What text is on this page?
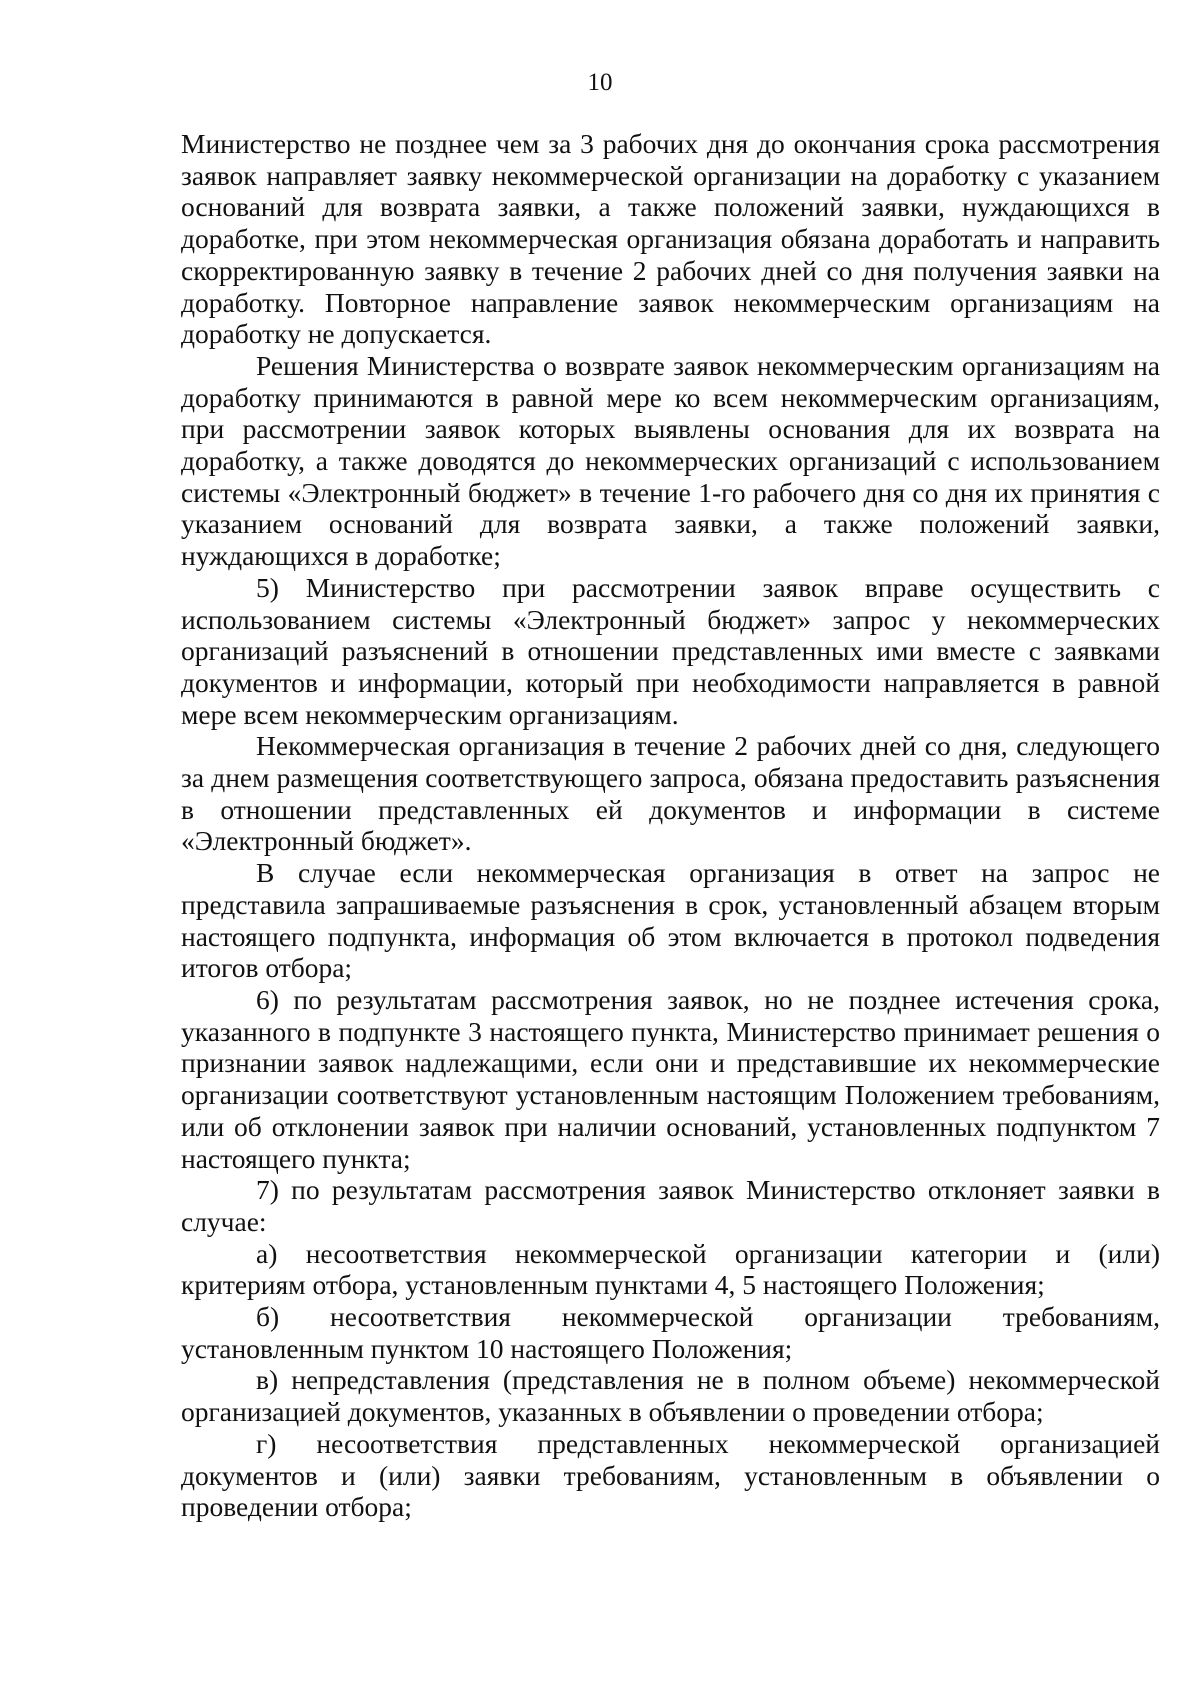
10

Министерство не позднее чем за 3 рабочих дня до окончания срока рассмотрения заявок направляет заявку некоммерческой организации на доработку с указанием оснований для возврата заявки, а также положений заявки, нуждающихся в доработке, при этом некоммерческая организация обязана доработать и направить скорректированную заявку в течение 2 рабочих дней со дня получения заявки на доработку. Повторное направление заявок некоммерческим организациям на доработку не допускается.

Решения Министерства о возврате заявок некоммерческим организациям на доработку принимаются в равной мере ко всем некоммерческим организациям, при рассмотрении заявок которых выявлены основания для их возврата на доработку, а также доводятся до некоммерческих организаций с использованием системы «Электронный бюджет» в течение 1-го рабочего дня со дня их принятия с указанием оснований для возврата заявки, а также положений заявки, нуждающихся в доработке;

5) Министерство при рассмотрении заявок вправе осуществить с использованием системы «Электронный бюджет» запрос у некоммерческих организаций разъяснений в отношении представленных ими вместе с заявками документов и информации, который при необходимости направляется в равной мере всем некоммерческим организациям.

Некоммерческая организация в течение 2 рабочих дней со дня, следующего за днем размещения соответствующего запроса, обязана предоставить разъяснения в отношении представленных ей документов и информации в системе «Электронный бюджет».

В случае если некоммерческая организация в ответ на запрос не представила запрашиваемые разъяснения в срок, установленный абзацем вторым настоящего подпункта, информация об этом включается в протокол подведения итогов отбора;

6) по результатам рассмотрения заявок, но не позднее истечения срока, указанного в подпункте 3 настоящего пункта, Министерство принимает решения о признании заявок надлежащими, если они и представившие их некоммерческие организации соответствуют установленным настоящим Положением требованиям, или об отклонении заявок при наличии оснований, установленных подпунктом 7 настоящего пункта;

7) по результатам рассмотрения заявок Министерство отклоняет заявки в случае:

а) несоответствия некоммерческой организации категории и (или) критериям отбора, установленным пунктами 4, 5 настоящего Положения;

б) несоответствия некоммерческой организации требованиям, установленным пунктом 10 настоящего Положения;

в) непредставления (представления не в полном объеме) некоммерческой организацией документов, указанных в объявлении о проведении отбора;

г) несоответствия представленных некоммерческой организацией документов и (или) заявки требованиям, установленным в объявлении о проведении отбора;
